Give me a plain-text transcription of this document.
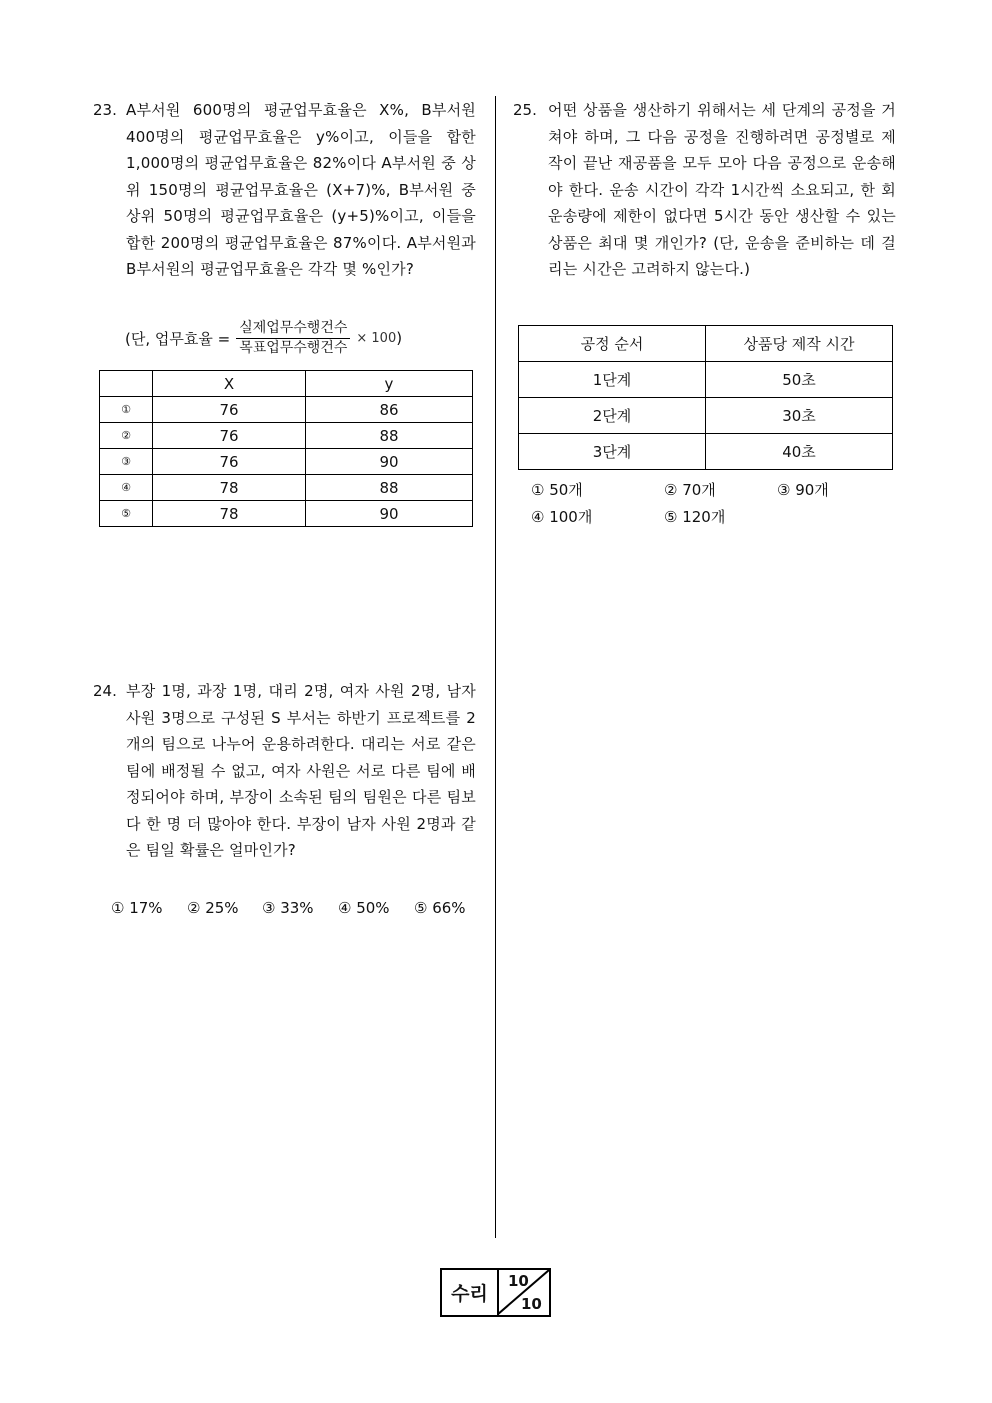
23. A부서원 600명의 평균업무효율은 X%, B부서원 400명의 평균업무효율은 y%이고, 이들을 합한 1,000명의 평균업무효율은 82%이다 A부서원 중 상위 150명의 평균업무효율은 (X+7)%, B부서원 중 상위 50명의 평균업무효율은 (y+5)%이고, 이들을 합한 200명의 평균업무효율은 87%이다. A부서원과 B부서원의 평균업무효율은 각각 몇 %인가?
(단, 업무효율 = $\frac{\text{실제업무수행건수}}{\text{목표업무수행건수}} \times 100$ )
	X	y
①	76	86
②	76	88
③	76	90
④	78	88
⑤	78	90
24. 부장 1명, 과장 1명, 대리 2명, 여자 사원 2명, 남자 사원 3명으로 구성된 S 부서는 하반기 프로젝트를 2개의 팀으로 나누어 운용하려한다. 대리는 서로 같은 팀에 배정될 수 없고, 여자 사원은 서로 다른 팀에 배정되어야 하며, 부장이 소속된 팀의 팀원은 다른 팀보다 한 명 더 많아야 한다. 부장이 남자 사원 2명과 같은 팀일 확률은 얼마인가?
① 17% ② 25% ③ 33% ④ 50% ⑤ 66%
25. 어떤 상품을 생산하기 위해서는 세 단계의 공정을 거쳐야 하며, 그 다음 공정을 진행하려면 공정별로 제작이 끝난 재공품을 모두 모아 다음 공정으로 운송해야 한다. 운송 시간이 각각 1시간씩 소요되고, 한 회 운송량에 제한이 없다면 5시간 동안 생산할 수 있는 상품은 최대 몇 개인가? (단, 운송을 준비하는 데 걸리는 시간은 고려하지 않는다.)
공정 순서	상품당 제작 시간
1단계	50초
2단계	30초
3단계	40초
① 50개	② 70개	③ 90개
④ 100개	⑤ 120개
수리
10
10
